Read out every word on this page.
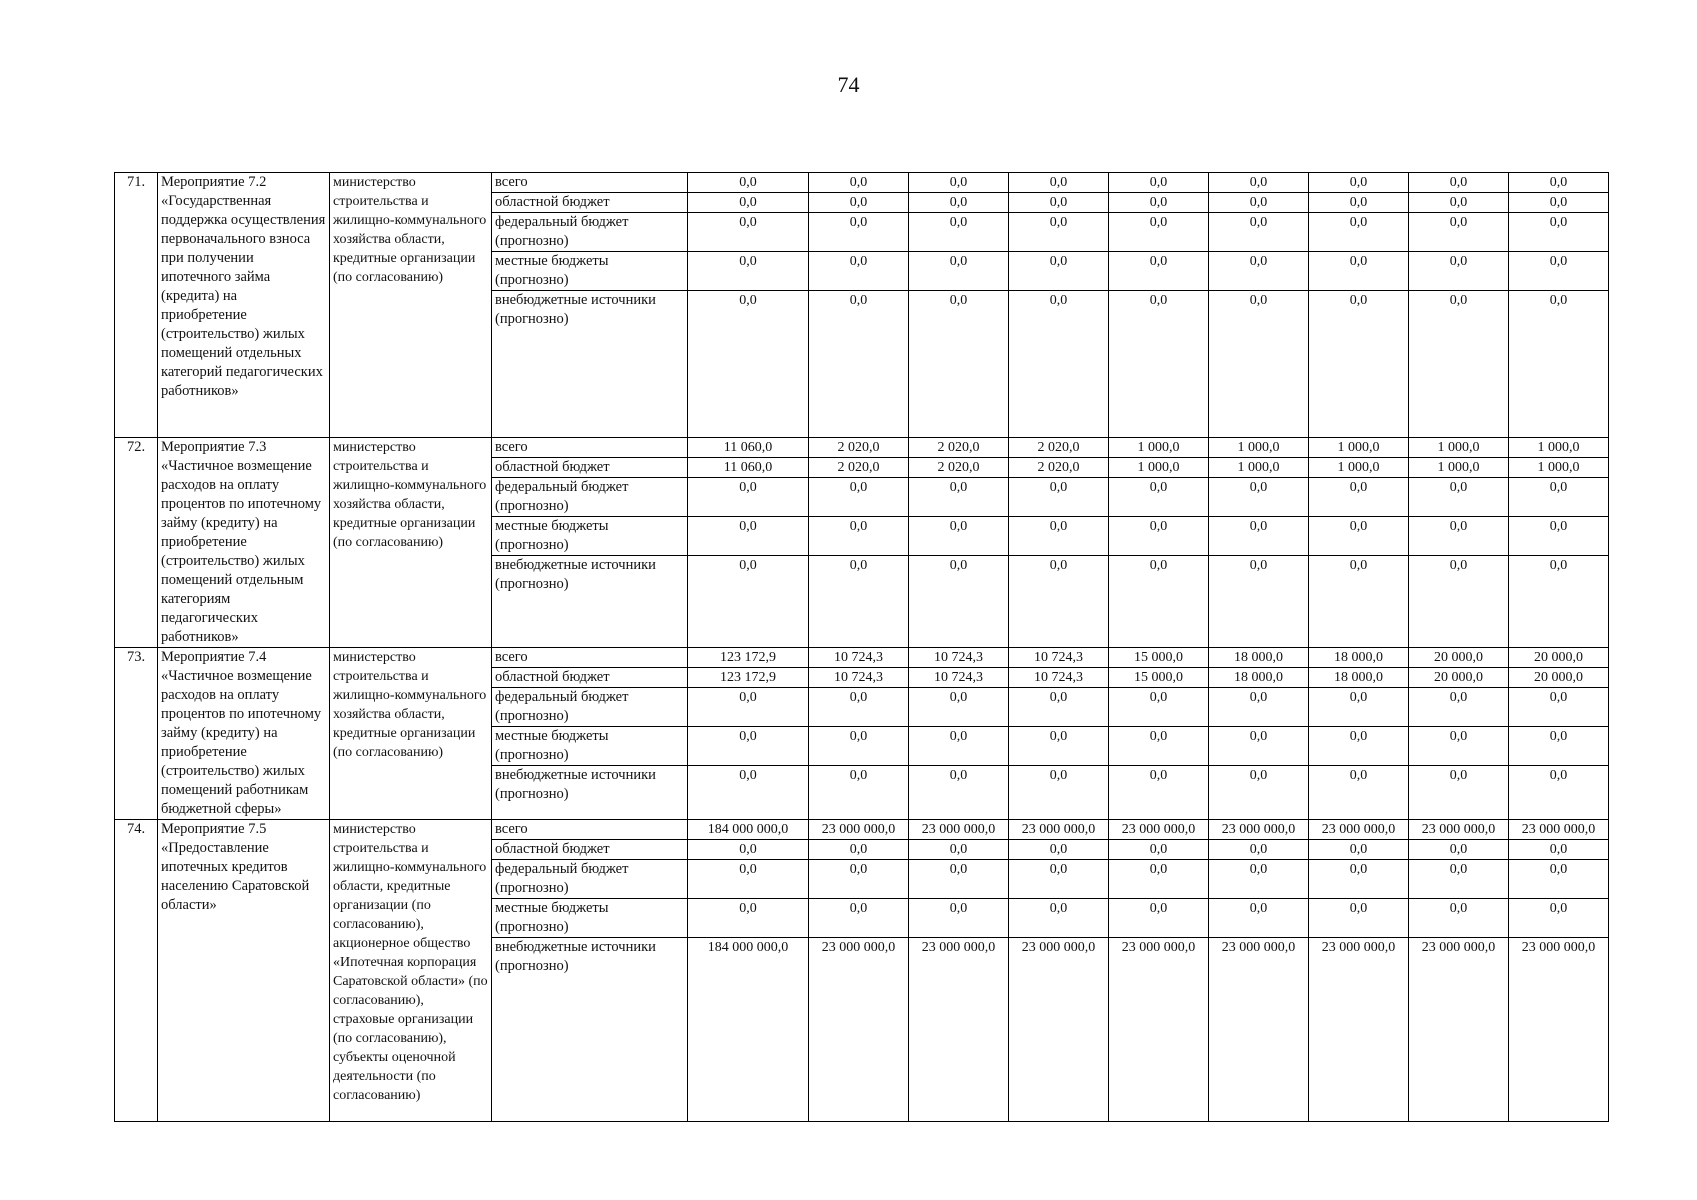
74
71.	Мероприятие 7.2 «Государственная поддержка осуществления первоначального взноса при получении ипотечного займа (кредита) на приобретение (строительство) жилых помещений отдельных категорий педагогических работников»	министерство строительства и жилищно-коммунального хозяйства области, кредитные организации (по согласованию)	всего	0,0	0,0	0,0	0,0	0,0	0,0	0,0	0,0	0,0
			областной бюджет	0,0	0,0	0,0	0,0	0,0	0,0	0,0	0,0	0,0
			федеральный бюджет (прогнозно)	0,0	0,0	0,0	0,0	0,0	0,0	0,0	0,0	0,0
			местные бюджеты (прогнозно)	0,0	0,0	0,0	0,0	0,0	0,0	0,0	0,0	0,0
			внебюджетные источники (прогнозно)	0,0	0,0	0,0	0,0	0,0	0,0	0,0	0,0	0,0
72.	Мероприятие 7.3 «Частичное возмещение расходов на оплату процентов по ипотечному займу (кредиту) на приобретение (строительство) жилых помещений отдельным категориям педагогических работников»	министерство строительства и жилищно-коммунального хозяйства области, кредитные организации (по согласованию)	всего	11 060,0	2 020,0	2 020,0	2 020,0	1 000,0	1 000,0	1 000,0	1 000,0	1 000,0
			областной бюджет	11 060,0	2 020,0	2 020,0	2 020,0	1 000,0	1 000,0	1 000,0	1 000,0	1 000,0
			федеральный бюджет (прогнозно)	0,0	0,0	0,0	0,0	0,0	0,0	0,0	0,0	0,0
			местные бюджеты (прогнозно)	0,0	0,0	0,0	0,0	0,0	0,0	0,0	0,0	0,0
			внебюджетные источники (прогнозно)	0,0	0,0	0,0	0,0	0,0	0,0	0,0	0,0	0,0
73.	Мероприятие 7.4 «Частичное возмещение расходов на оплату процентов по ипотечному займу (кредиту) на приобретение (строительство) жилых помещений работникам бюджетной сферы»	министерство строительства и жилищно-коммунального хозяйства области, кредитные организации (по согласованию)	всего	123 172,9	10 724,3	10 724,3	10 724,3	15 000,0	18 000,0	18 000,0	20 000,0	20 000,0
			областной бюджет	123 172,9	10 724,3	10 724,3	10 724,3	15 000,0	18 000,0	18 000,0	20 000,0	20 000,0
			федеральный бюджет (прогнозно)	0,0	0,0	0,0	0,0	0,0	0,0	0,0	0,0	0,0
			местные бюджеты (прогнозно)	0,0	0,0	0,0	0,0	0,0	0,0	0,0	0,0	0,0
			внебюджетные источники (прогнозно)	0,0	0,0	0,0	0,0	0,0	0,0	0,0	0,0	0,0
74.	Мероприятие 7.5 «Предоставление ипотечных кредитов населению Саратовской области»	министерство строительства и жилищно-коммунального области, кредитные организации (по согласованию), акционерное общество «Ипотечная корпорация Саратовской области» (по согласованию), страховые организации (по согласованию), субъекты оценочной деятельности (по согласованию)	всего	184 000 000,0	23 000 000,0	23 000 000,0	23 000 000,0	23 000 000,0	23 000 000,0	23 000 000,0	23 000 000,0	23 000 000,0
			областной бюджет	0,0	0,0	0,0	0,0	0,0	0,0	0,0	0,0	0,0
			федеральный бюджет (прогнозно)	0,0	0,0	0,0	0,0	0,0	0,0	0,0	0,0	0,0
			местные бюджеты (прогнозно)	0,0	0,0	0,0	0,0	0,0	0,0	0,0	0,0	0,0
			внебюджетные источники (прогнозно)	184 000 000,0	23 000 000,0	23 000 000,0	23 000 000,0	23 000 000,0	23 000 000,0	23 000 000,0	23 000 000,0	23 000 000,0
